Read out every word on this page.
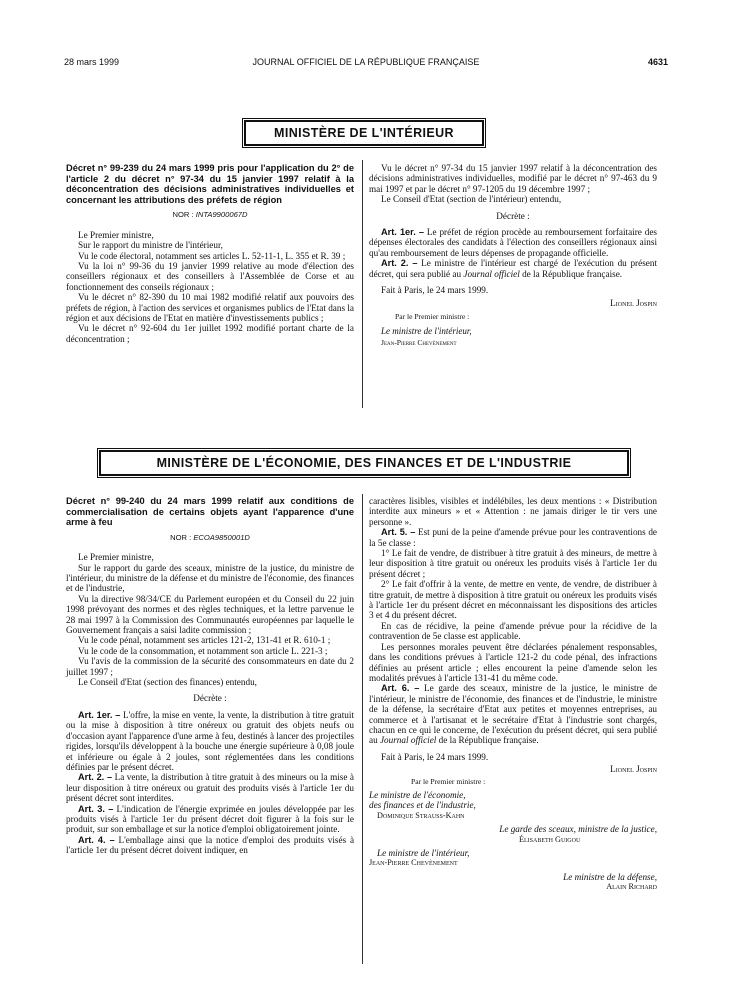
28 mars 1999	JOURNAL OFFICIEL DE LA RÉPUBLIQUE FRANÇAISE	4631
MINISTÈRE DE L'INTÉRIEUR

Décret n° 99-239 du 24 mars 1999 pris pour l'application du 2° de l'article 2 du décret n° 97-34 du 15 janvier 1997 relatif à la déconcentration des décisions administratives individuelles et concernant les attributions des préfets de région

NOR : INTA9900067D

Le Premier ministre,

Sur le rapport du ministre de l'intérieur,

Vu le code électoral, notamment ses articles L. 52-11-1, L. 355 et R. 39 ;

Vu la loi n° 99-36 du 19 janvier 1999 relative au mode d'élection des conseillers régionaux et des conseillers à l'Assemblée de Corse et au fonctionnement des conseils régionaux ;

Vu le décret n° 82-390 du 10 mai 1982 modifié relatif aux pouvoirs des préfets de région, à l'action des services et organismes publics de l'Etat dans la région et aux décisions de l'Etat en matière d'investissements publics ;

Vu le décret n° 92-604 du 1er juillet 1992 modifié portant charte de la déconcentration ;

Vu le décret n° 97-34 du 15 janvier 1997 relatif à la déconcentration des décisions administratives individuelles, modifié par le décret n° 97-463 du 9 mai 1997 et par le décret n° 97-1205 du 19 décembre 1997 ;

Le Conseil d'Etat (section de l'intérieur) entendu,

Décrète :

Art. 1er. – Le préfet de région procède au remboursement forfaitaire des dépenses électorales des candidats à l'élection des conseillers régionaux ainsi qu'au remboursement de leurs dépenses de propagande officielle.

Art. 2. – Le ministre de l'intérieur est chargé de l'exécution du présent décret, qui sera publié au Journal officiel de la République française.

Fait à Paris, le 24 mars 1999.

Lionel Jospin

Par le Premier ministre :

Le ministre de l'intérieur,

Jean-Pierre Chevènement

MINISTÈRE DE L'ÉCONOMIE, DES FINANCES ET DE L'INDUSTRIE

Décret n° 99-240 du 24 mars 1999 relatif aux conditions de commercialisation de certains objets ayant l'apparence d'une arme à feu

NOR : ECOA9850001D

Le Premier ministre,

Sur le rapport du garde des sceaux, ministre de la justice, du ministre de l'intérieur, du ministre de la défense et du ministre de l'économie, des finances et de l'industrie,

Vu la directive 98/34/CE du Parlement européen et du Conseil du 22 juin 1998 prévoyant des normes et des règles techniques, et la lettre parvenue le 28 mai 1997 à la Commission des Communautés européennes par laquelle le Gouvernement français a saisi ladite commission ;

Vu le code pénal, notamment ses articles 121-2, 131-41 et R. 610-1 ;

Vu le code de la consommation, et notamment son article L. 221-3 ;

Vu l'avis de la commission de la sécurité des consommateurs en date du 2 juillet 1997 ;

Le Conseil d'Etat (section des finances) entendu,

Décrète :

Art. 1er. – L'offre, la mise en vente, la vente, la distribution à titre gratuit ou la mise à disposition à titre onéreux ou gratuit des objets neufs ou d'occasion ayant l'apparence d'une arme à feu, destinés à lancer des projectiles rigides, lorsqu'ils développent à la bouche une énergie supérieure à 0,08 joule et inférieure ou égale à 2 joules, sont réglementées dans les conditions définies par le présent décret.

Art. 2. – La vente, la distribution à titre gratuit à des mineurs ou la mise à leur disposition à titre onéreux ou gratuit des produits visés à l'article 1er du présent décret sont interdites.

Art. 3. – L'indication de l'énergie exprimée en joules développée par les produits visés à l'article 1er du présent décret doit figurer à la fois sur le produit, sur son emballage et sur la notice d'emploi obligatoirement jointe.

Art. 4. – L'emballage ainsi que la notice d'emploi des produits visés à l'article 1er du présent décret doivent indiquer, en

caractères lisibles, visibles et indélébiles, les deux mentions : « Distribution interdite aux mineurs » et « Attention : ne jamais diriger le tir vers une personne ».

Art. 5. – Est puni de la peine d'amende prévue pour les contraventions de la 5e classe :

1° Le fait de vendre, de distribuer à titre gratuit à des mineurs, de mettre à leur disposition à titre gratuit ou onéreux les produits visés à l'article 1er du présent décret ;

2° Le fait d'offrir à la vente, de mettre en vente, de vendre, de distribuer à titre gratuit, de mettre à disposition à titre gratuit ou onéreux les produits visés à l'article 1er du présent décret en méconnaissant les dispositions des articles 3 et 4 du présent décret.

En cas de récidive, la peine d'amende prévue pour la récidive de la contravention de 5e classe est applicable.

Les personnes morales peuvent être déclarées pénalement responsables, dans les conditions prévues à l'article 121-2 du code pénal, des infractions définies au présent article ; elles encourent la peine d'amende selon les modalités prévues à l'article 131-41 du même code.

Art. 6. – Le garde des sceaux, ministre de la justice, le ministre de l'intérieur, le ministre de l'économie, des finances et de l'industrie, le ministre de la défense, la secrétaire d'Etat aux petites et moyennes entreprises, au commerce et à l'artisanat et le secrétaire d'Etat à l'industrie sont chargés, chacun en ce qui le concerne, de l'exécution du présent décret, qui sera publié au Journal officiel de la République française.

Fait à Paris, le 24 mars 1999.

Lionel Jospin

Par le Premier ministre :

Le ministre de l'économie,

des finances et de l'industrie,

Dominique Strauss-Kahn

Le garde des sceaux, ministre de la justice,

Élisabeth Guigou

Le ministre de l'intérieur,

Jean-Pierre Chevènement

Le ministre de la défense,

Alain Richard
